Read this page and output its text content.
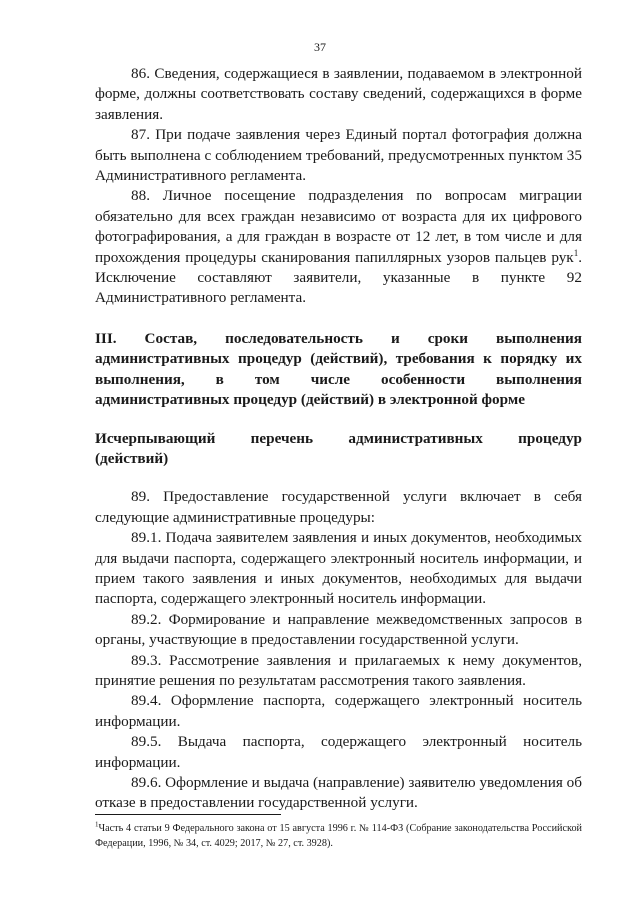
37

86. Сведения, содержащиеся в заявлении, подаваемом в электронной форме, должны соответствовать составу сведений, содержащихся в форме заявления.

87. При подаче заявления через Единый портал фотография должна быть выполнена с соблюдением требований, предусмотренных пунктом 35 Административного регламента.

88. Личное посещение подразделения по вопросам миграции обязательно для всех граждан независимо от возраста для их цифрового фотографирования, а для граждан в возрасте от 12 лет, в том числе и для прохождения процедуры сканирования папиллярных узоров пальцев рук$^1$. Исключение составляют заявители, указанные в пункте 92 Административного регламента.

III. Состав, последовательность и сроки выполнения
административных процедур (действий), требования к порядку их выполнения, в том числе особенности выполнения административных процедур (действий) в электронной форме
Исчерпывающий перечень административных процедур
(действий)

89. Предоставление государственной услуги включает в себя следующие административные процедуры:

89.1. Подача заявителем заявления и иных документов, необходимых для выдачи паспорта, содержащего электронный носитель информации, и прием такого заявления и иных документов, необходимых для выдачи паспорта, содержащего электронный носитель информации.

89.2. Формирование и направление межведомственных запросов в органы, участвующие в предоставлении государственной услуги.

89.3. Рассмотрение заявления и прилагаемых к нему документов, принятие решения по результатам рассмотрения такого заявления.

89.4. Оформление паспорта, содержащего электронный носитель информации.

89.5. Выдача паспорта, содержащего электронный носитель информации.

89.6. Оформление и выдача (направление) заявителю уведомления об отказе в предоставлении государственной услуги.

$^1$Часть 4 статьи 9 Федерального закона от 15 августа 1996 г. № 114-ФЗ (Собрание законодательства Российской Федерации, 1996, № 34, ст. 4029; 2017, № 27, ст. 3928).
